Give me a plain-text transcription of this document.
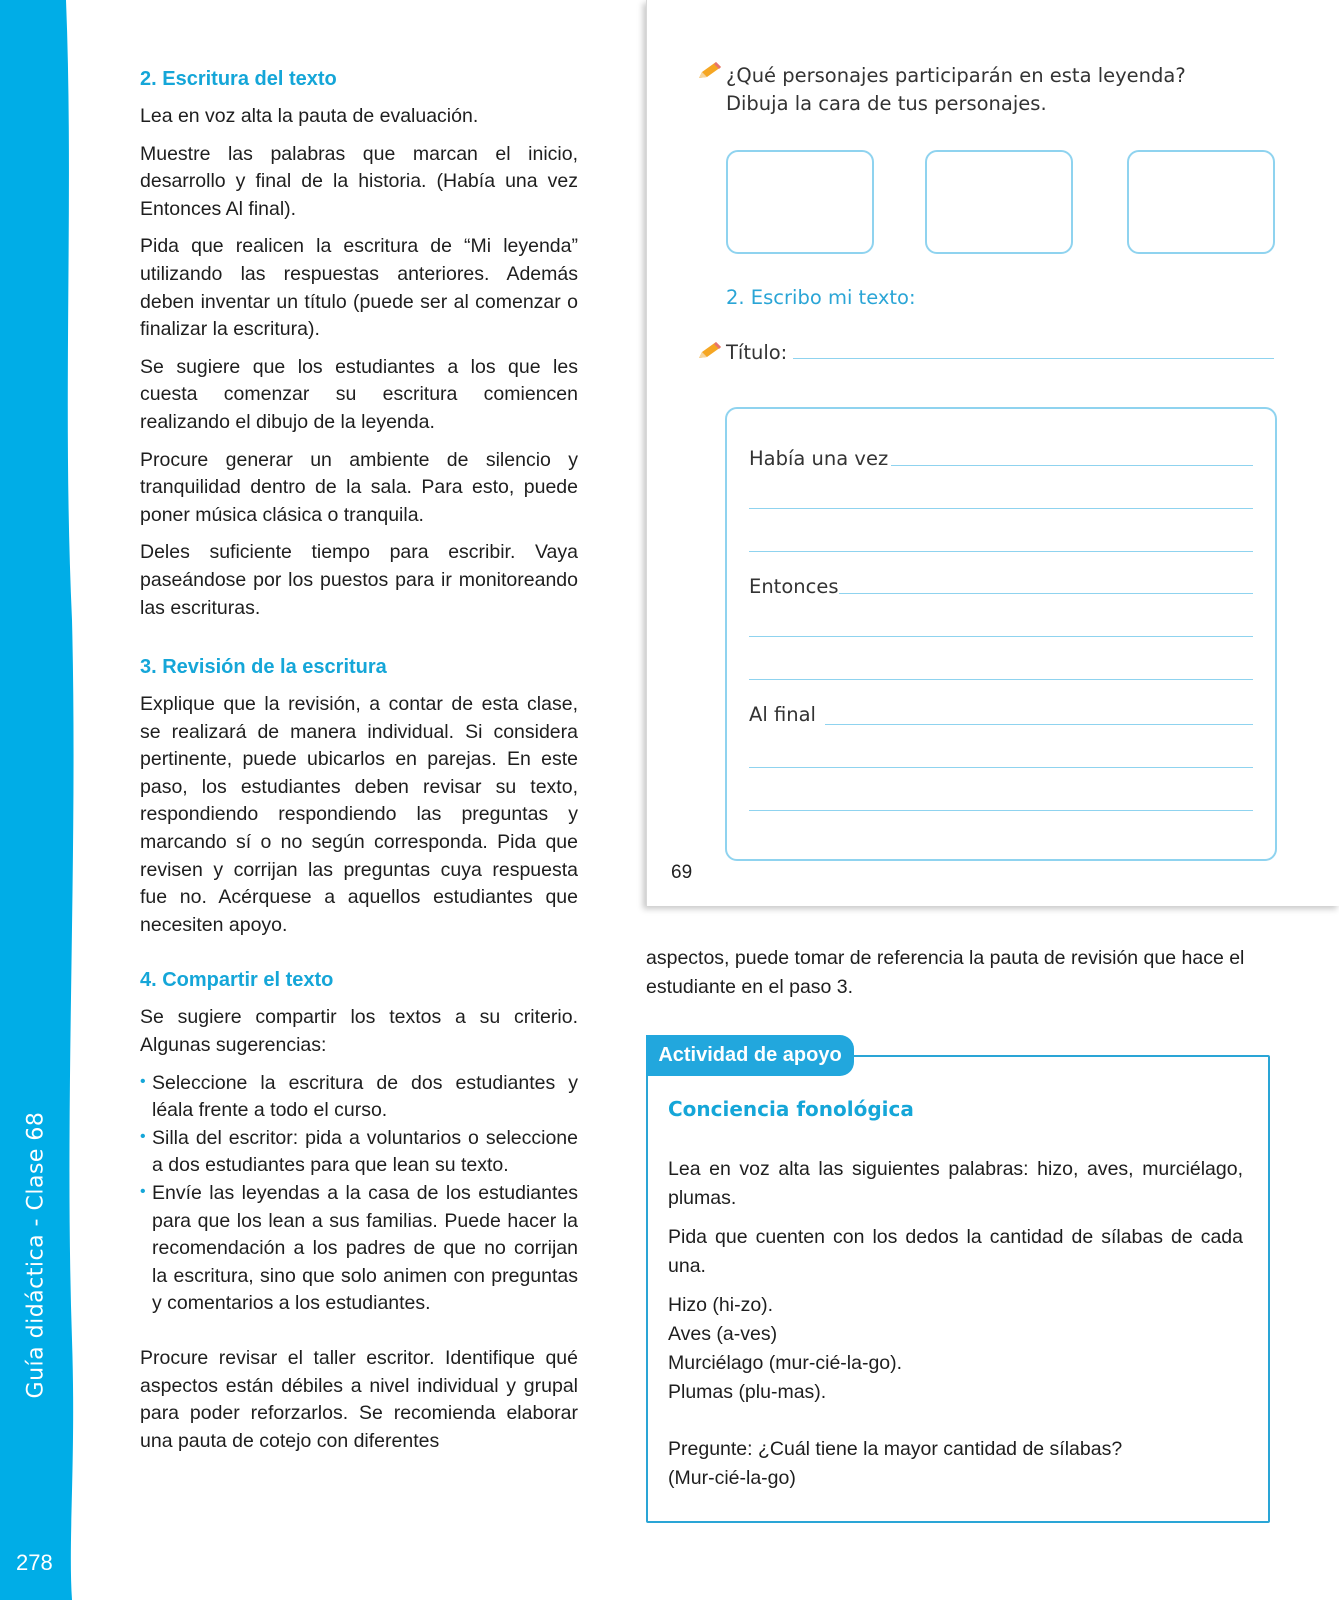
Guía didáctica - Clase 68
278
2. Escritura del texto

Lea en voz alta la pauta de evaluación.

Muestre las palabras que marcan el inicio, desarrollo y final de la historia. (Había una vez Entonces Al final).

Pida que realicen la escritura de “Mi leyenda” utilizando las respuestas anteriores. Además deben inventar un título (puede ser al comenzar o finalizar la escritura).

Se sugiere que los estudiantes a los que les cuesta comenzar su escritura comiencen realizando el dibujo de la leyenda.

Procure generar un ambiente de silencio y tranquilidad dentro de la sala. Para esto, puede poner música clásica o tranquila.

Deles suficiente tiempo para escribir. Vaya paseándose por los puestos para ir monitoreando las escrituras.

3. Revisión de la escritura

Explique que la revisión, a contar de esta clase, se realizará de manera individual. Si considera pertinente, puede ubicarlos en parejas. En este paso, los estudiantes deben revisar su texto, respondiendo respondiendo las preguntas y marcando sí o no según corresponda. Pida que revisen y corrijan las preguntas cuya respuesta fue no. Acérquese a aquellos estudiantes que necesiten apoyo.

4. Compartir el texto

Se sugiere compartir los textos a su criterio. Algunas sugerencias:

• Seleccione la escritura de dos estudiantes y léala frente a todo el curso.

• Silla del escritor: pida a voluntarios o seleccione a dos estudiantes para que lean su texto.

• Envíe las leyendas a la casa de los estudiantes para que los lean a sus familias. Puede hacer la recomendación a los padres de que no corrijan la escritura, sino que solo animen con preguntas y comentarios a los estudiantes.

Procure revisar el taller escritor. Identifique qué aspectos están débiles a nivel individual y grupal para poder reforzarlos. Se recomienda elaborar una pauta de cotejo con diferentes

¿Qué personajes participarán en esta leyenda?
Dibuja la cara de tus personajes.
2. Escribo mi texto:
Título:
Había una vez
Entonces
Al final
69
aspectos, puede tomar de referencia la pauta de revisión que hace el estudiante en el paso 3.
Actividad de apoyo
Conciencia fonológica

Lea en voz alta las siguientes palabras: hizo, aves, murciélago, plumas.

Pida que cuenten con los dedos la cantidad de sílabas de cada una.

Hizo (hi-zo).

Aves (a-ves)

Murciélago (mur-cié-la-go).

Plumas (plu-mas).

Pregunte: ¿Cuál tiene la mayor cantidad de sílabas?

(Mur-cié-la-go)
